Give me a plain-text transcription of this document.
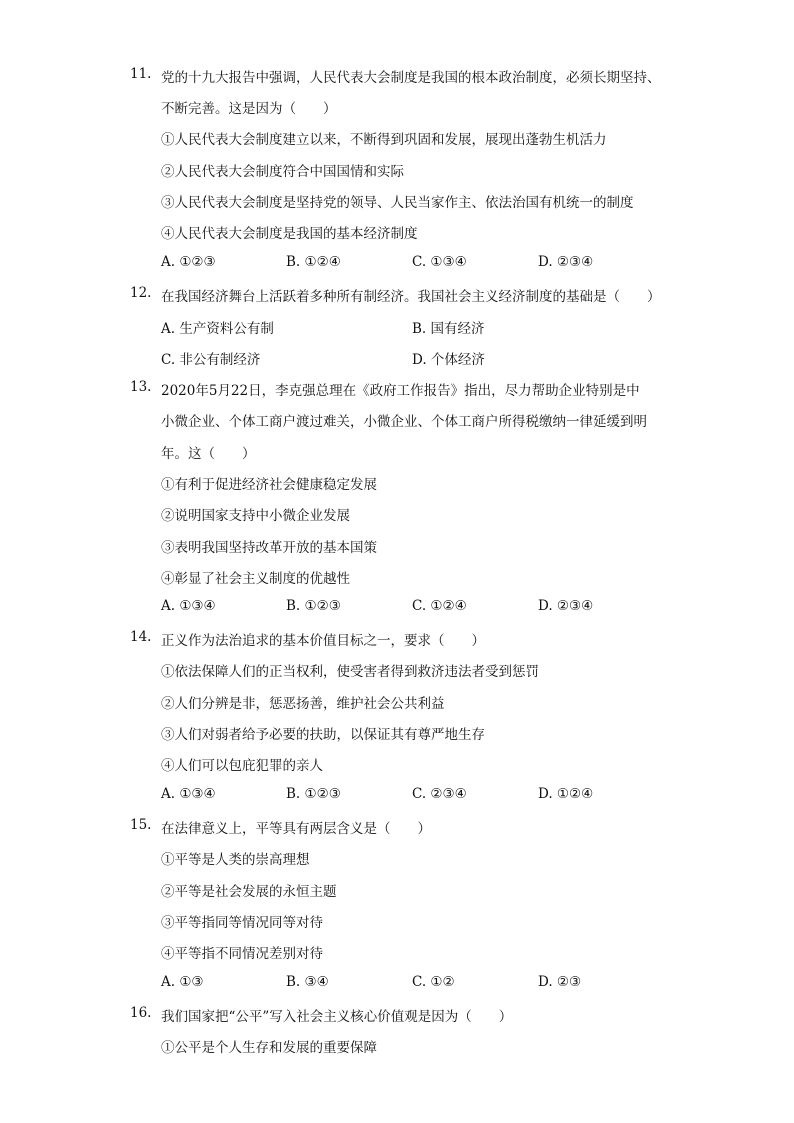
11. 党的十九大报告中强调，人民代表大会制度是我国的根本政治制度，必须长期坚持、
不断完善。这是因为（　　）
①人民代表大会制度建立以来，不断得到巩固和发展，展现出蓬勃生机活力
②人民代表大会制度符合中国国情和实际
③人民代表大会制度是坚持党的领导、人民当家作主、依法治国有机统一的制度
④人民代表大会制度是我国的基本经济制度
A. ①②③	B. ①②④	C. ①③④	D. ②③④
12. 在我国经济舞台上活跃着多种所有制经济。我国社会主义经济制度的基础是（　　）
A. 生产资料公有制	B. 国有经济
C. 非公有制经济	D. 个体经济
13. 2020年5月22日，李克强总理在《政府工作报告》指出，尽力帮助企业特别是中
小微企业、个体工商户渡过难关，小微企业、个体工商户所得税缴纳一律延缓到明
年。这（　　）
①有利于促进经济社会健康稳定发展
②说明国家支持中小微企业发展
③表明我国坚持改革开放的基本国策
④彰显了社会主义制度的优越性
A. ①③④	B. ①②③	C. ①②④	D. ②③④
14. 正义作为法治追求的基本价值目标之一，要求（　　）
①依法保障人们的正当权利，使受害者得到救济违法者受到惩罚
②人们分辨是非，惩恶扬善，维护社会公共利益
③人们对弱者给予必要的扶助，以保证其有尊严地生存
④人们可以包庇犯罪的亲人
A. ①③④	B. ①②③	C. ②③④	D. ①②④
15. 在法律意义上，平等具有两层含义是（　　）
①平等是人类的崇高理想
②平等是社会发展的永恒主题
③平等指同等情况同等对待
④平等指不同情况差别对待
A. ①③	B. ③④	C. ①②	D. ②③
16. 我们国家把“公平”写入社会主义核心价值观是因为（　　）
①公平是个人生存和发展的重要保障
